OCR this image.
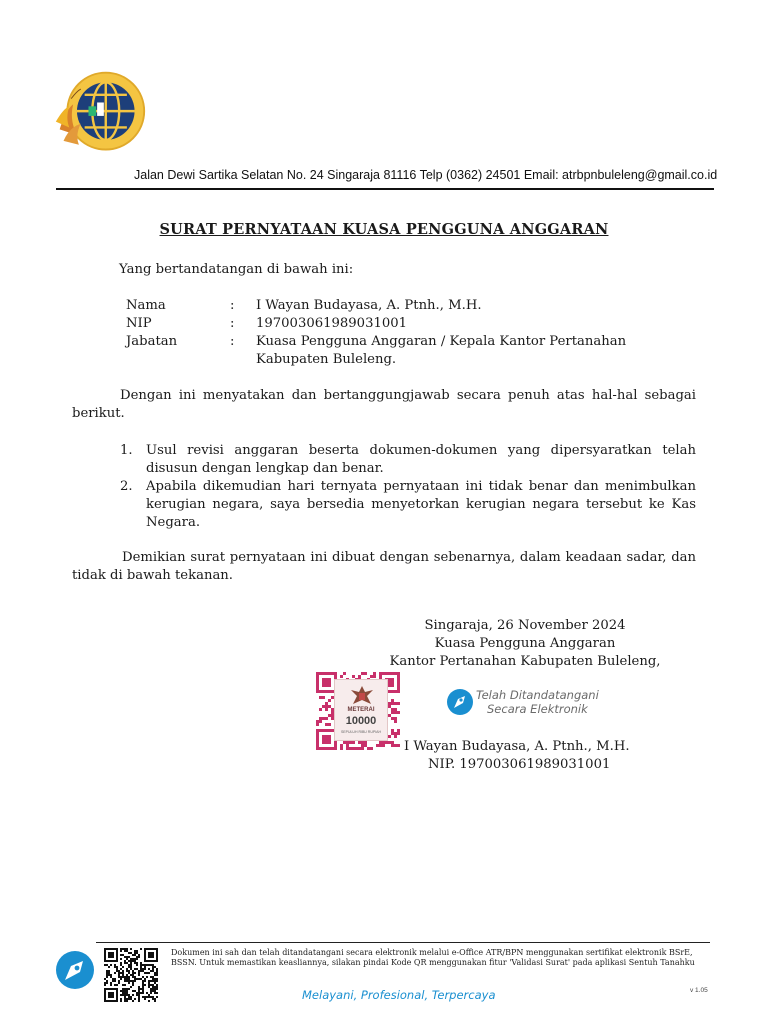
Jalan Dewi Sartika Selatan No. 24 Singaraja 81116 Telp (0362) 24501 Email: atrbpnbuleleng@gmail.co.id
SURAT PERNYATAAN KUASA PENGGUNA ANGGARAN
Yang bertandatangan di bawah ini:
Nama	:	I Wayan Budayasa, A. Ptnh., M.H.
NIP	:	197003061989031001
Jabatan	:	Kuasa Pengguna Anggaran / Kepala Kantor Pertanahan Kabupaten Buleleng.
Dengan ini menyatakan dan bertanggungjawab secara penuh atas hal-hal sebagai berikut.
1.	Usul revisi anggaran beserta dokumen-dokumen yang dipersyaratkan telah disusun dengan lengkap dan benar.
2.	Apabila dikemudian hari ternyata pernyataan ini tidak benar dan menimbulkan kerugian negara, saya bersedia menyetorkan kerugian negara tersebut ke Kas Negara.
Demikian surat pernyataan ini dibuat dengan sebenarnya, dalam keadaan sadar, dan tidak di bawah tekanan.
Singaraja, 26 November 2024
Kuasa Pengguna Anggaran
Kantor Pertanahan Kabupaten Buleleng,
METERAI
10000
SEPULUH RIBU RUPIAH
Telah Ditandatangani
Secara Elektronik
I Wayan Budayasa, A. Ptnh., M.H.
NIP. 197003061989031001
Dokumen ini sah dan telah ditandatangani secara elektronik melalui e-Office ATR/BPN menggunakan sertifikat elektronik BSrE, BSSN. Untuk memastikan keasliannya, silakan pindai Kode QR menggunakan fitur 'Validasi Surat' pada aplikasi Sentuh Tanahku
Melayani, Profesional, Terpercaya	v 1.05
